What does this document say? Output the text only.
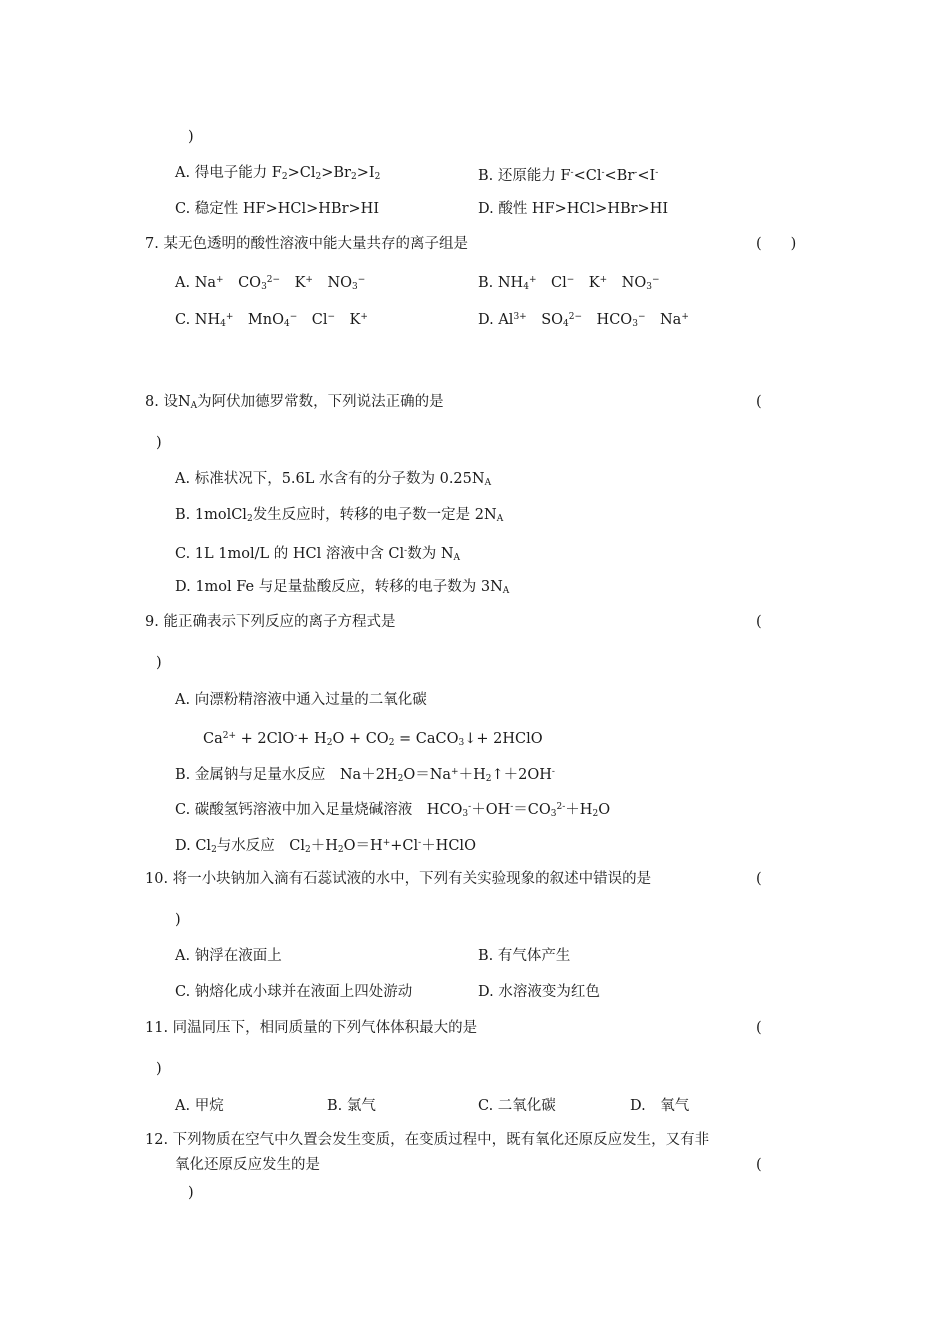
)
A. 得电子能力 $F_2>Cl_2>Br_2>I_2$	B. 还原能力 F-<Cl-<Br-<I-
C. 稳定性 HF>HCl>HBr>HI	D. 酸性 HF>HCl>HBr>HI
7. 某无色透明的酸性溶液中能大量共存的离子组是	(　　)
A. Na+　$CO_3^{2-}$　K+　$NO_3^-$	B. $NH_4^+$　Cl−　K+　$NO_3^-$
C. $NH_4^+$　MnO$_4$−　Cl−　K+	D. $Al^{3+}$　$SO_4^{2-}$　$HCO_3^-$　Na+
8. 设$N_A$为阿伏加德罗常数，下列说法正确的是	(
)
A. 标准状况下，5.6L 水含有的分子数为 $0.25N_A$
B. 1molCl$_2$发生反应时，转移的电子数一定是 $2N_A$
C. 1L 1mol/L 的 HCl 溶液中含 Cl-数为 $N_A$
D. 1mol Fe 与足量盐酸反应，转移的电子数为 $3N_A$
9. 能正确表示下列反应的离子方程式是	(
)
A. 向漂粉精溶液中通入过量的二氧化碳
$Ca^{2+} + 2ClO^-+ H_2O + CO_2$ = CaCO$_3$↓+ 2HClO
B. 金属钠与足量水反应　$Na+2H_2O=Na^++H_2↑+2OH^-$
C. 碳酸氢钙溶液中加入足量烧碱溶液　$HCO_3^-+OH^-=CO_3^{2-}+H_2O$
D. $Cl_2$与水反应　$Cl_2+H_2O=H^++Cl^-+HClO$
10. 将一小块钠加入滴有石蕊试液的水中，下列有关实验现象的叙述中错误的是	(
)
A. 钠浮在液面上	B. 有气体产生
C. 钠熔化成小球并在液面上四处游动	D. 水溶液变为红色
11. 同温同压下，相同质量的下列气体体积最大的是	(
)
A. 甲烷	B. 氯气	C. 二氧化碳	D.　氧气
12. 下列物质在空气中久置会发生变质，在变质过程中，既有氧化还原反应发生，又有非
氧化还原反应发生的是	(
)
